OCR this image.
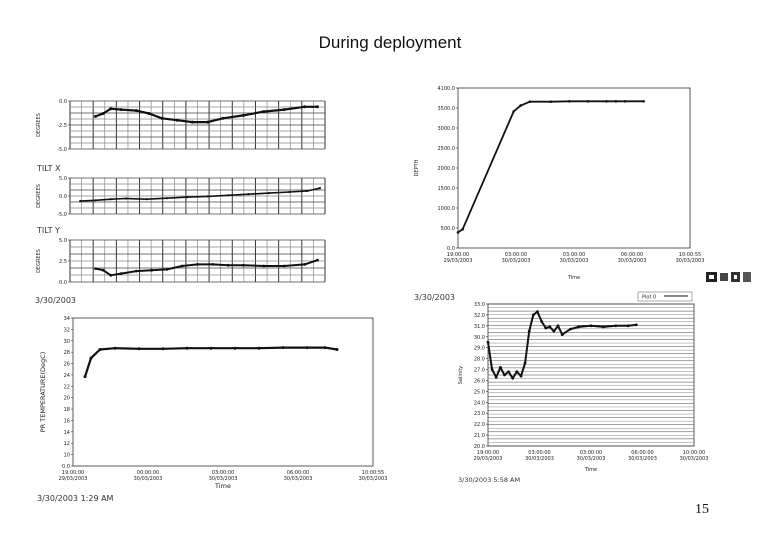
During deployment
0.0
-2.5
-5.0
DEGREES
TILT X
5.0
0.0
-5.0
DEGREES
TILT Y
5.0
2.5
0.0
DEGREES
3/30/2003
4100.0
3500.0
3000.0
2500.0
2000.0
1500.0
1000.0
500.0
0.0
DEPTH
19:00:00 29/03/2003
03:00:00 30/03/2003
03:00:00 30/03/2003
06:00:00 30/03/2003
10:00:55 30/03/2003
Time
3/30/2003
34
32
30
28
26
24
22
20
18
16
14
12
10
0.0
PR TEMPERATURE(DegC)
19:00:00 29/03/2003
00:00:00 30/03/2003
03:00:00 30/03/2003
06:00:00 30/03/2003
10:00:55 30/03/2003
Time
3/30/2003 1:29 AM
33.0
32.0
31.0
30.0
29.0
28.0
27.0
26.0
25.0
24.0
23.0
22.0
21.0
20.0
Salinity
19:00:00 29/03/2003
03:00:00 30/03/2003
03:00:00 30/03/2003
06:00:00 30/03/2003
10:00:00 30/03/2003
Time
Plot 0
3/30/2003 5:58 AM
15
